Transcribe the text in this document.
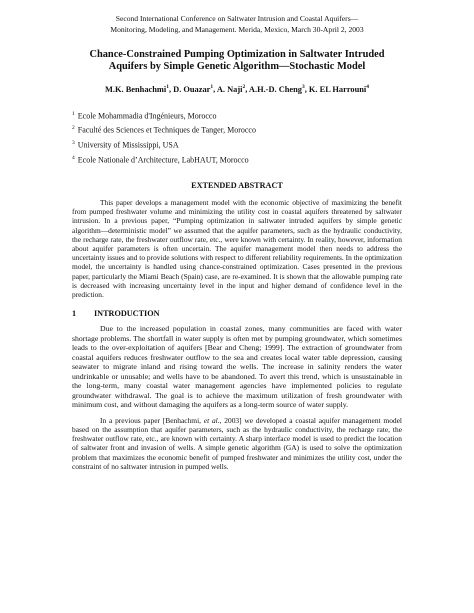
Second International Conference on Saltwater Intrusion and Coastal Aquifers—
Monitoring, Modeling, and Management. Merida, Mexico, March 30-April 2, 2003
Chance-Constrained Pumping Optimization in Saltwater Intruded
Aquifers by Simple Genetic Algorithm—Stochastic Model
M.K. Benhachmi$^1$, D. Ouazar$^1$, A. Naji$^2$, A.H.-D. Cheng$^3$, K. EL Harrouni$^4$
$^1$ Ecole Mohammadia d'Ingénieurs, Morocco
$^2$ Faculté des Sciences et Techniques de Tanger, Morocco
$^3$ University of Mississippi, USA
$^4$ Ecole Nationale d’Architecture, LabHAUT, Morocco
EXTENDED ABSTRACT
This paper develops a management model with the economic objective of maximizing the benefit from pumped freshwater volume and minimizing the utility cost in coastal aquifers threatened by saltwater intrusion. In a previous paper, “Pumping optimization in saltwater intruded aquifers by simple genetic algorithm—deterministic model” we assumed that the aquifer parameters, such as the hydraulic conductivity, the recharge rate, the freshwater outflow rate, etc., were known with certainty. In reality, however, information about aquifer parameters is often uncertain. The aquifer management model then needs to address the uncertainty issues and to provide solutions with respect to different reliability requirements. In the optimization model, the uncertainty is handled using chance-constrained optimization. Cases presented in the previous paper, particularly the Miami Beach (Spain) case, are re-examined. It is shown that the allowable pumping rate is decreased with increasing uncertainty level in the input and higher demand of confidence level in the prediction.
1 INTRODUCTION
Due to the increased population in coastal zones, many communities are faced with water shortage problems. The shortfall in water supply is often met by pumping groundwater, which sometimes leads to the over-exploitation of aquifers [Bear and Cheng; 1999]. The extraction of groundwater from coastal aquifers reduces freshwater outflow to the sea and creates local water table depression, causing seawater to migrate inland and rising toward the wells. The increase in salinity renders the water undrinkable or unusable; and wells have to be abandoned. To avert this trend, which is unsustainable in the long-term, many coastal water management agencies have implemented policies to regulate groundwater withdrawal. The goal is to achieve the maximum utilization of fresh groundwater with minimum cost, and without damaging the aquifers as a long-term source of water supply.
In a previous paper [Benhachmi, et al., 2003] we developed a coastal aquifer management model based on the assumption that aquifer parameters, such as the hydraulic conductivity, the recharge rate, the freshwater outflow rate, etc., are known with certainty. A sharp interface model is used to predict the location of saltwater front and invasion of wells. A simple genetic algorithm (GA) is used to solve the optimization problem that maximizes the economic benefit of pumped freshwater and minimizes the utility cost, under the constraint of no saltwater intrusion in pumped wells.
